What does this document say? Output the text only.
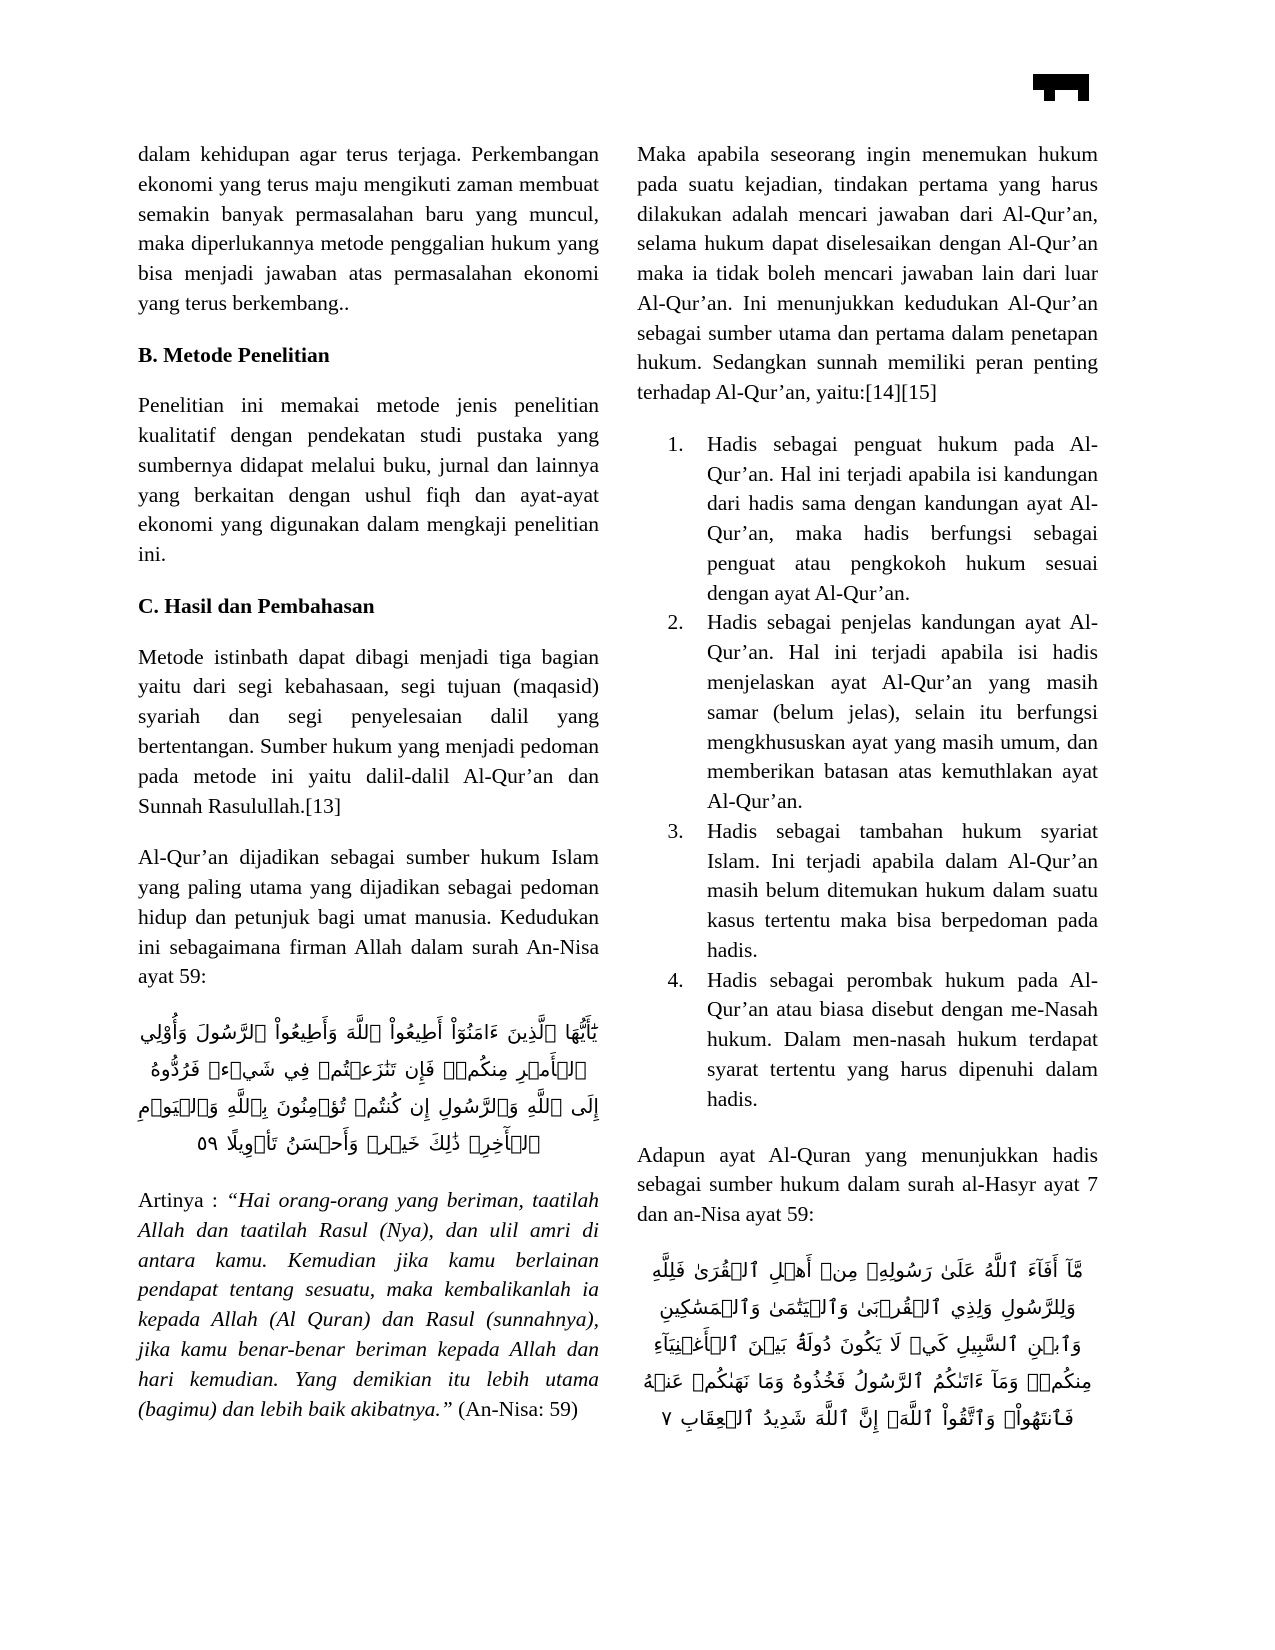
dalam kehidupan agar terus terjaga. Perkembangan ekonomi yang terus maju mengikuti zaman membuat semakin banyak permasalahan baru yang muncul, maka diperlukannya metode penggalian hukum yang bisa menjadi jawaban atas permasalahan ekonomi yang terus berkembang..

B. Metode Penelitian

Penelitian ini memakai metode jenis penelitian kualitatif dengan pendekatan studi pustaka yang sumbernya didapat melalui buku, jurnal dan lainnya yang berkaitan dengan ushul fiqh dan ayat-ayat ekonomi yang digunakan dalam mengkaji penelitian ini.

C. Hasil dan Pembahasan

Metode istinbath dapat dibagi menjadi tiga bagian yaitu dari segi kebahasaan, segi tujuan (maqasid) syariah dan segi penyelesaian dalil yang bertentangan. Sumber hukum yang menjadi pedoman pada metode ini yaitu dalil-dalil Al-Qur’an dan Sunnah Rasulullah.[13]

Al-Qur’an dijadikan sebagai sumber hukum Islam yang paling utama yang dijadikan sebagai pedoman hidup dan petunjuk bagi umat manusia. Kedudukan ini sebagaimana firman Allah dalam surah An-Nisa ayat 59:

يَٰٓأَيُّهَا ٱلَّذِينَ ءَامَنُوٓاْ أَطِيعُواْ ٱللَّهَ وَأَطِيعُواْ ٱلرَّسُولَ وَأُوْلِي ٱلۡأَمۡرِ مِنكُمۡۖ فَإِن تَنَٰزَعۡتُمۡ فِي شَيۡءٖ فَرُدُّوهُ إِلَى ٱللَّهِ وَٱلرَّسُولِ إِن كُنتُمۡ تُؤۡمِنُونَ بِٱللَّهِ وَٱلۡيَوۡمِ ٱلۡأٓخِرِۚ ذَٰلِكَ خَيۡرٞ وَأَحۡسَنُ تَأۡوِيلًا ٥٩

Artinya : “Hai orang-orang yang beriman, taatilah Allah dan taatilah Rasul (Nya), dan ulil amri di antara kamu. Kemudian jika kamu berlainan pendapat tentang sesuatu, maka kembalikanlah ia kepada Allah (Al Quran) dan Rasul (sunnahnya), jika kamu benar-benar beriman kepada Allah dan hari kemudian. Yang demikian itu lebih utama (bagimu) dan lebih baik akibatnya.” (An-Nisa: 59)

Maka apabila seseorang ingin menemukan hukum pada suatu kejadian, tindakan pertama yang harus dilakukan adalah mencari jawaban dari Al-Qur’an, selama hukum dapat diselesaikan dengan Al-Qur’an maka ia tidak boleh mencari jawaban lain dari luar Al-Qur’an. Ini menunjukkan kedudukan Al-Qur’an sebagai sumber utama dan pertama dalam penetapan hukum. Sedangkan sunnah memiliki peran penting terhadap Al-Qur’an, yaitu:[14][15]

1. Hadis sebagai penguat hukum pada Al-Qur’an. Hal ini terjadi apabila isi kandungan dari hadis sama dengan kandungan ayat Al-Qur’an, maka hadis berfungsi sebagai penguat atau pengkokoh hukum sesuai dengan ayat Al-Qur’an.
2. Hadis sebagai penjelas kandungan ayat Al-Qur’an. Hal ini terjadi apabila isi hadis menjelaskan ayat Al-Qur’an yang masih samar (belum jelas), selain itu berfungsi mengkhususkan ayat yang masih umum, dan memberikan batasan atas kemuthlakan ayat Al-Qur’an.
3. Hadis sebagai tambahan hukum syariat Islam. Ini terjadi apabila dalam Al-Qur’an masih belum ditemukan hukum dalam suatu kasus tertentu maka bisa berpedoman pada hadis.
4. Hadis sebagai perombak hukum pada Al-Qur’an atau biasa disebut dengan me-Nasah hukum. Dalam men-nasah hukum terdapat syarat tertentu yang harus dipenuhi dalam hadis.

Adapun ayat Al-Quran yang menunjukkan hadis sebagai sumber hukum dalam surah al-Hasyr ayat 7 dan an-Nisa ayat 59:

مَّآ أَفَآءَ ٱللَّهُ عَلَىٰ رَسُولِهِۦ مِنۡ أَهۡلِ ٱلۡقُرَىٰ فَلِلَّهِ وَلِلرَّسُولِ وَلِذِي ٱلۡقُرۡبَىٰ وَٱلۡيَتَٰمَىٰ وَٱلۡمَسَٰكِينِ وَٱبۡنِ ٱلسَّبِيلِ كَيۡ لَا يَكُونَ دُولَةَۢ بَيۡنَ ٱلۡأَغۡنِيَآءِ مِنكُمۡۚ وَمَآ ءَاتَىٰكُمُ ٱلرَّسُولُ فَخُذُوهُ وَمَا نَهَىٰكُمۡ عَنۡهُ فَٱنتَهُواْۚ وَٱتَّقُواْ ٱللَّهَۖ إِنَّ ٱللَّهَ شَدِيدُ ٱلۡعِقَابِ ٧
